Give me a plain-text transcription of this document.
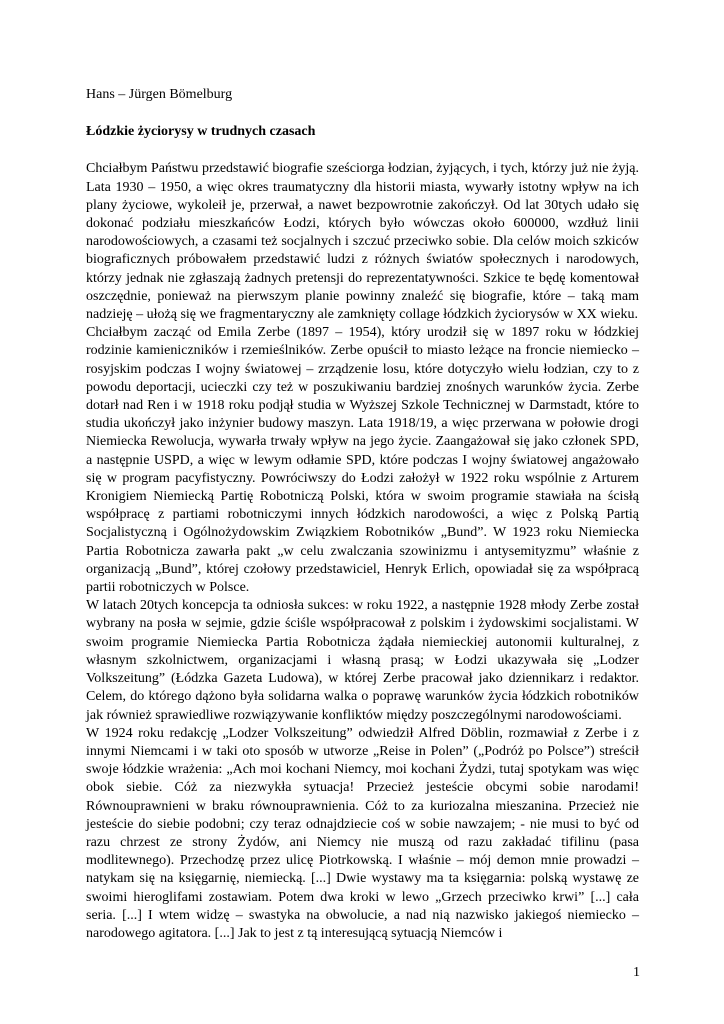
Hans – Jürgen Bömelburg

Łódzkie życiorysy w trudnych czasach

Chciałbym Państwu przedstawić biografie sześciorga łodzian, żyjących, i tych, którzy już nie żyją. Lata 1930 – 1950, a więc okres traumatyczny dla historii miasta, wywarły istotny wpływ na ich plany życiowe, wykoleił je, przerwał, a nawet bezpowrotnie zakończył. Od lat 30tych udało się dokonać podziału mieszkańców Łodzi, których było wówczas około 600000, wzdłuż linii narodowościowych, a czasami też socjalnych i szczuć przeciwko sobie. Dla celów moich szkiców biograficznych próbowałem przedstawić ludzi z różnych światów społecznych i narodowych, którzy jednak nie zgłaszają żadnych pretensji do reprezentatywności. Szkice te będę komentował oszczędnie, ponieważ na pierwszym planie powinny znaleźć się biografie, które – taką mam nadzieję – ułożą się we fragmentaryczny ale zamknięty collage łódzkich życiorysów w XX wieku.

Chciałbym zacząć od Emila Zerbe (1897 – 1954), który urodził się w 1897 roku w łódzkiej rodzinie kamieniczników i rzemieślników. Zerbe opuścił to miasto leżące na froncie niemiecko – rosyjskim podczas I wojny światowej – zrządzenie losu, które dotyczyło wielu łodzian, czy to z powodu deportacji, ucieczki czy też w poszukiwaniu bardziej znośnych warunków życia. Zerbe dotarł nad Ren i w 1918 roku podjął studia w Wyższej Szkole Technicznej w Darmstadt, które to studia ukończył jako inżynier budowy maszyn. Lata 1918/19, a więc przerwana w połowie drogi Niemiecka Rewolucja, wywarła trwały wpływ na jego życie. Zaangażował się jako członek SPD, a następnie USPD, a więc w lewym odłamie SPD, które podczas I wojny światowej angażowało się w program pacyfistyczny. Powróciwszy do Łodzi założył w 1922 roku wspólnie z Arturem Kronigiem Niemiecką Partię Robotniczą Polski, która w swoim programie stawiała na ścisłą współpracę z partiami robotniczymi innych łódzkich narodowości, a więc z Polską Partią Socjalistyczną i Ogólnożydowskim Związkiem Robotników „Bund”. W 1923 roku Niemiecka Partia Robotnicza zawarła pakt „w celu zwalczania szowinizmu i antysemityzmu” właśnie z organizacją „Bund”, której czołowy przedstawiciel, Henryk Erlich, opowiadał się za współpracą partii robotniczych w Polsce.

W latach 20tych koncepcja ta odniosła sukces: w roku 1922, a następnie 1928 młody Zerbe został wybrany na posła w sejmie, gdzie ściśle współpracował z polskim i żydowskimi socjalistami. W swoim programie Niemiecka Partia Robotnicza żądała niemieckiej autonomii kulturalnej, z własnym szkolnictwem, organizacjami i własną prasą; w Łodzi ukazywała się „Lodzer Volkszeitung” (Łódzka Gazeta Ludowa), w której Zerbe pracował jako dziennikarz i redaktor. Celem, do którego dążono była solidarna walka o poprawę warunków życia łódzkich robotników jak również sprawiedliwe rozwiązywanie konfliktów między poszczególnymi narodowościami.

W 1924 roku redakcję „Lodzer Volkszeitung” odwiedził Alfred Döblin, rozmawiał z Zerbe i z innymi Niemcami i w taki oto sposób w utworze „Reise in Polen” („Podróż po Polsce”) streścił swoje łódzkie wrażenia: „Ach moi kochani Niemcy, moi kochani Żydzi, tutaj spotykam was więc obok siebie. Cóż za niezwykła sytuacja! Przecież jesteście obcymi sobie narodami! Równouprawnieni w braku równouprawnienia. Cóż to za kuriozalna mieszanina. Przecież nie jesteście do siebie podobni; czy teraz odnajdziecie coś w sobie nawzajem; - nie musi to być od razu chrzest ze strony Żydów, ani Niemcy nie muszą od razu zakładać tifilinu (pasa modlitewnego). Przechodzę przez ulicę Piotrkowską. I właśnie – mój demon mnie prowadzi – natykam się na księgarnię, niemiecką. [...] Dwie wystawy ma ta księgarnia: polską wystawę ze swoimi hieroglifami zostawiam. Potem dwa kroki w lewo „Grzech przeciwko krwi” [...] cała seria. [...] I wtem widzę – swastyka na obwolucie, a nad nią nazwisko jakiegoś niemiecko – narodowego agitatora. [...] Jak to jest z tą interesującą sytuacją Niemców i

1
